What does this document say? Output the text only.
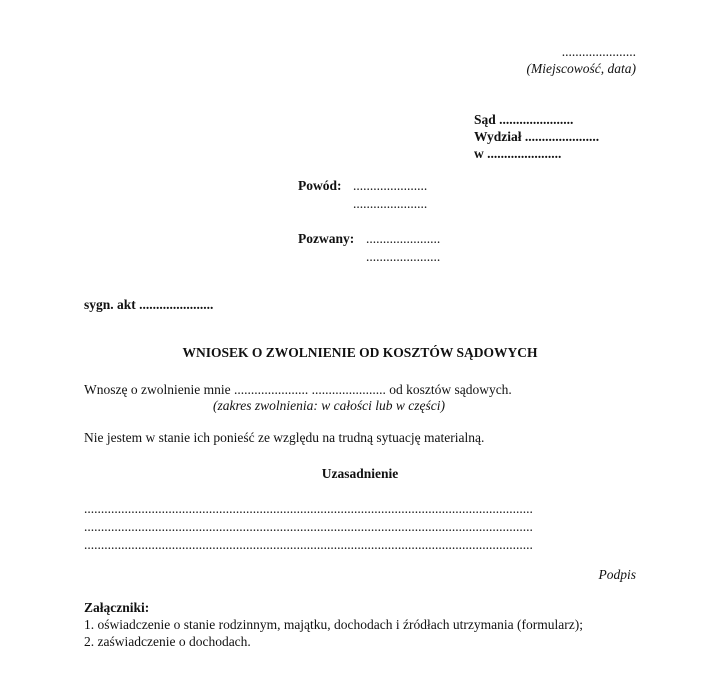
......................
(Miejscowość, data)
Sąd ......................
Wydział ......................
w ......................
Powód: ......................
......................
Pozwany: ......................
......................
sygn. akt ......................
WNIOSEK O ZWOLNIENIE OD KOSZTÓW SĄDOWYCH
Wnoszę o zwolnienie mnie ...................... ...................... od kosztów sądowych.
(zakres zwolnienia: w całości lub w części)
Nie jestem w stanie ich ponieść ze względu na trudną sytuację materialną.
Uzasadnienie
.....................................................................................................................................
.....................................................................................................................................
.....................................................................................................................................
Podpis
Załączniki:
1. oświadczenie o stanie rodzinnym, majątku, dochodach i źródłach utrzymania (formularz);
2. zaświadczenie o dochodach.
